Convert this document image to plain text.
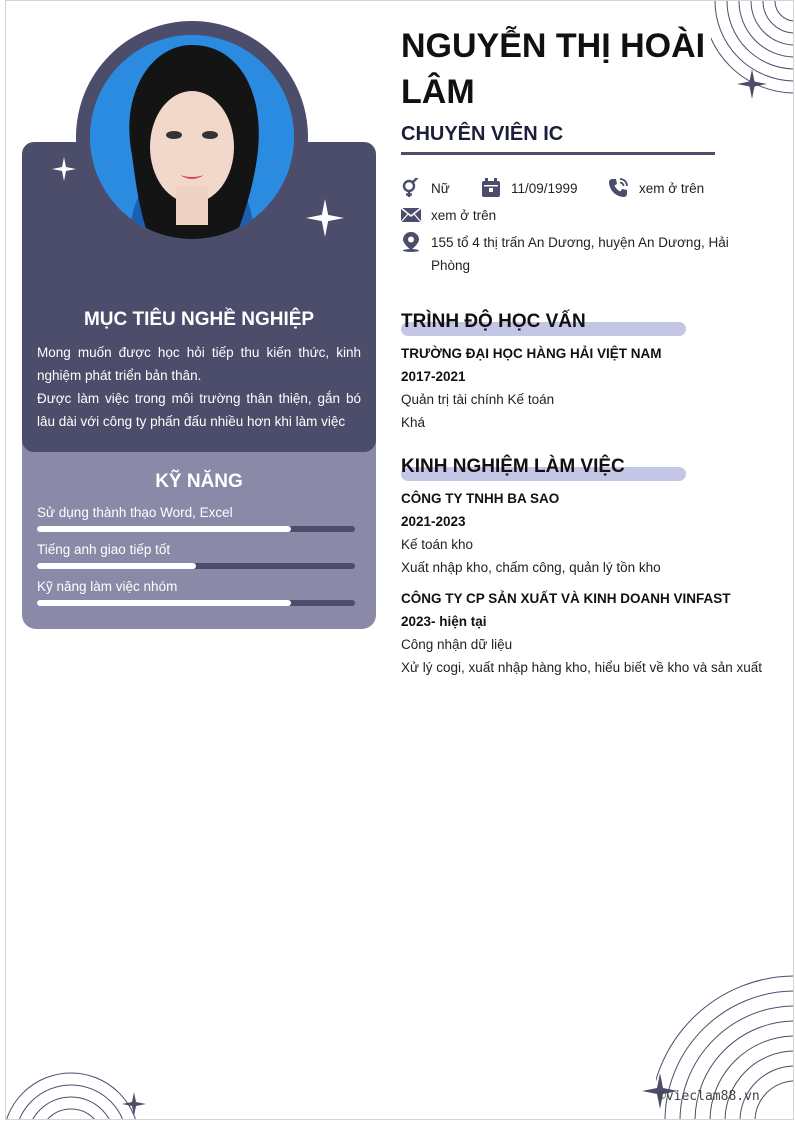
MỤC TIÊU NGHỀ NGHIỆP

Mong muốn được học hỏi tiếp thu kiến thức, kinh nghiệm phát triển bản thân.

Được làm việc trong môi trường thân thiện, gắn bó lâu dài với công ty phấn đấu nhiều hơn khi làm việc

KỸ NĂNG
Sử dụng thành thạo Word, Excel
Tiếng anh giao tiếp tốt
Kỹ năng làm việc nhóm
NGUYỄN THỊ HOÀI LÂM
CHUYÊN VIÊN IC
Nữ	11/09/1999	xem ở trên
xem ở trên
155 tổ 4 thị trấn An Dương, huyện An Dương, Hải Phòng
TRÌNH ĐỘ HỌC VẤN
TRƯỜNG ĐẠI HỌC HÀNG HẢI VIỆT NAM
2017-2021
Quản trị tài chính Kế toán
Khá
KINH NGHIỆM LÀM VIỆC
CÔNG TY TNHH BA SAO
2021-2023
Kế toán kho
Xuất nhập kho, chấm công, quản lý tồn kho
CÔNG TY CP SẢN XUẤT VÀ KINH DOANH VINFAST
2023- hiện tại
Công nhận dữ liệu
Xử lý cogi, xuất nhập hàng kho, hiểu biết về kho và sản xuất
©vieclam88.vn
